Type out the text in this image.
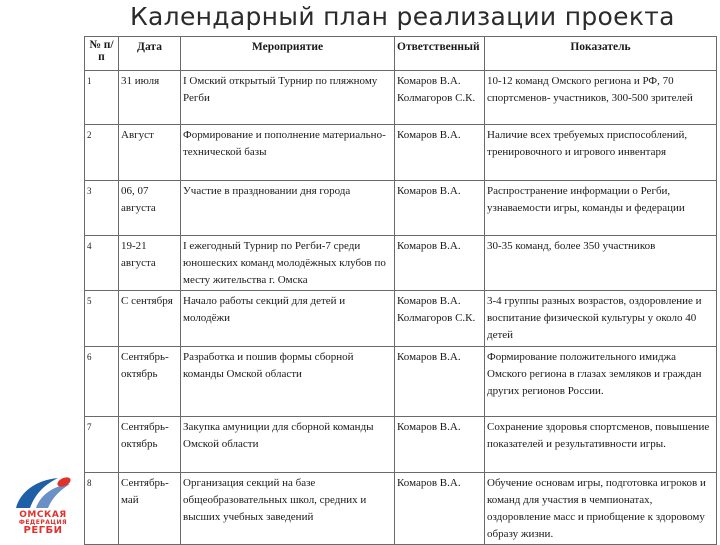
Календарный план реализации проекта
№ п/п	Дата	Мероприятие	Ответственный	Показатель
1	31 июля	I Омский открытый Турнир по пляжному Регби	Комаров В.А. Колмагоров С.К.	10-12 команд Омского региона и РФ, 70 спортсменов- участников, 300-500 зрителей
2	Август	Формирование и пополнение материально-технической базы	Комаров В.А.	Наличие всех требуемых приспособлений, тренировочного и игрового инвентаря
3	06, 07 августа	Участие в праздновании дня города	Комаров В.А.	Распространение информации о Регби, узнаваемости игры, команды и федерации
4	19-21 августа	I ежегодный Турнир по Регби-7 среди юношеских команд молодёжных клубов по месту жительства г. Омска	Комаров В.А.	30-35 команд, более 350 участников
5	С сентября	Начало работы секций для детей и молодёжи	Комаров В.А. Колмагоров С.К.	3-4 группы разных возрастов, оздоровление и воспитание физической культуры у около 40 детей
6	Сентябрь-октябрь	Разработка и пошив формы сборной команды Омской области	Комаров В.А.	Формирование положительного имиджа Омского региона в глазах земляков и граждан других регионов России.
7	Сентябрь-октябрь	Закупка амуниции для сборной команды Омской области	Комаров В.А.	Сохранение здоровья спортсменов, повышение показателей и результативности игры.
8	Сентябрь-май	Организация секций на базе общеобразовательных школ, средних и высших учебных заведений	Комаров В.А.	Обучение основам игры, подготовка игроков и команд для участия в чемпионатах, оздоровление масс и приобщение к здоровому образу жизни.
ОМСКАЯ
ФЕДЕРАЦИЯ
РЕГБИ
